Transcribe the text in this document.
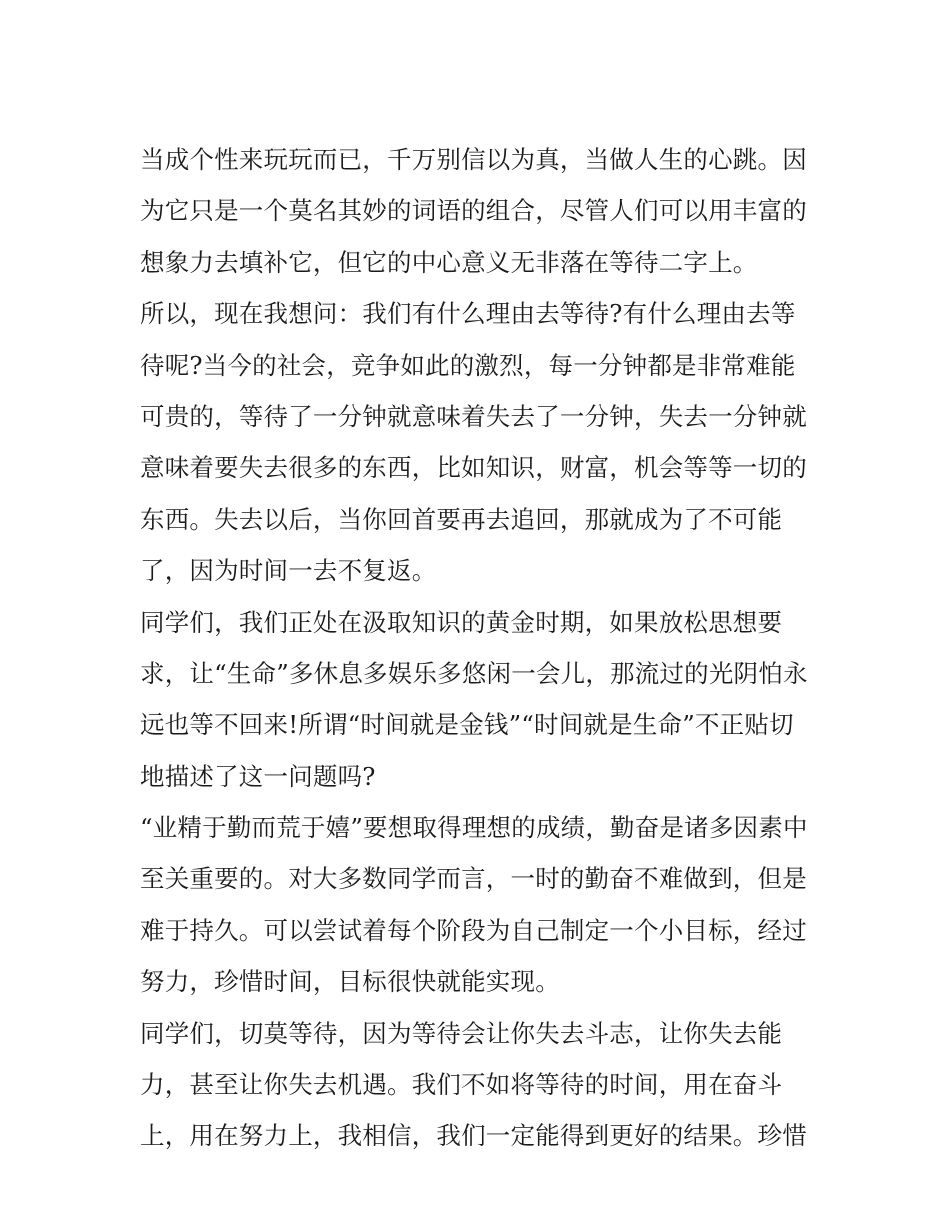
当成个性来玩玩而已，千万别信以为真，当做人生的心跳。因
为它只是一个莫名其妙的词语的组合，尽管人们可以用丰富的
想象力去填补它，但它的中心意义无非落在等待二字上。
所以，现在我想问：我们有什么理由去等待?有什么理由去等
待呢?当今的社会，竞争如此的激烈，每一分钟都是非常难能
可贵的，等待了一分钟就意味着失去了一分钟，失去一分钟就
意味着要失去很多的东西，比如知识，财富，机会等等一切的
东西。失去以后，当你回首要再去追回，那就成为了不可能
了，因为时间一去不复返。
同学们，我们正处在汲取知识的黄金时期，如果放松思想要
求，让“生命”多休息多娱乐多悠闲一会儿，那流过的光阴怕永
远也等不回来!所谓“时间就是金钱”“时间就是生命”不正贴切
地描述了这一问题吗?
“业精于勤而荒于嬉”要想取得理想的成绩，勤奋是诸多因素中
至关重要的。对大多数同学而言，一时的勤奋不难做到，但是
难于持久。可以尝试着每个阶段为自己制定一个小目标，经过
努力，珍惜时间，目标很快就能实现。
同学们，切莫等待，因为等待会让你失去斗志，让你失去能
力，甚至让你失去机遇。我们不如将等待的时间，用在奋斗
上，用在努力上，我相信，我们一定能得到更好的结果。珍惜
